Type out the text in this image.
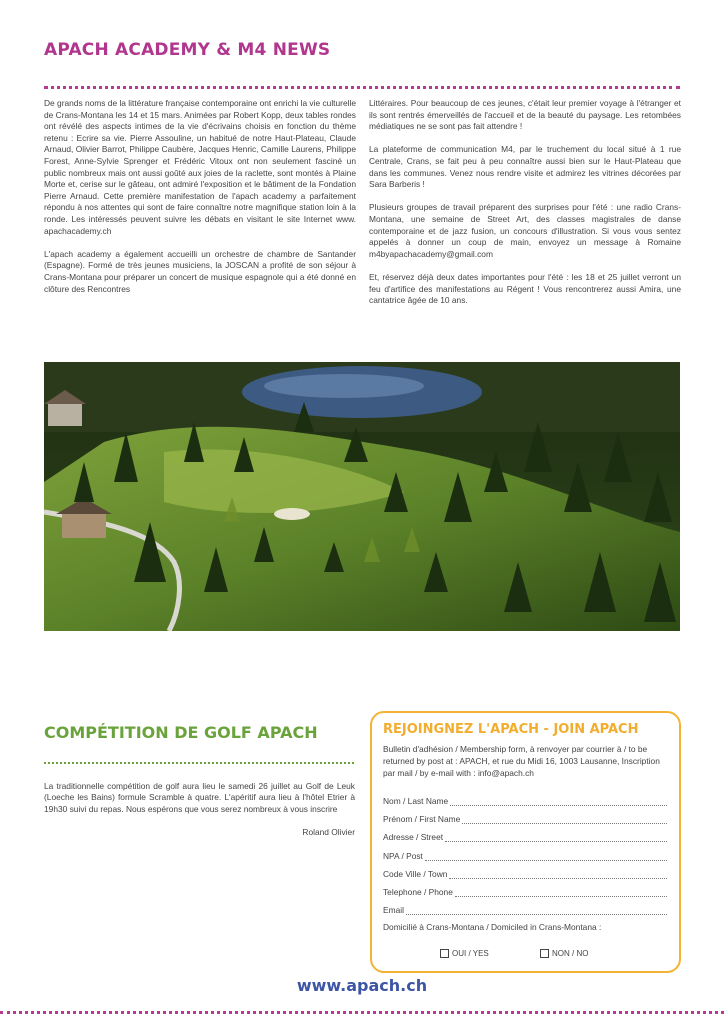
APACH ACADEMY & M4 NEWS

De grands noms de la littérature française contemporaine ont enrichi la vie culturelle de Crans-Montana les 14 et 15 mars. Animées par Robert Kopp, deux tables rondes ont révélé des aspects intimes de la vie d'écrivains choisis en fonction du thème retenu : Ecrire sa vie. Pierre Assouline, un habitué de notre Haut-Plateau, Claude Arnaud, Olivier Barrot, Philippe Caubère, Jacques Henric, Camille Laurens, Philippe Forest, Anne-Sylvie Sprenger et Frédéric Vitoux ont non seulement fasciné un public nombreux mais ont aussi goûté aux joies de la raclette, sont montés à Plaine Morte et, cerise sur le gâteau, ont admiré l'exposition et le bâtiment de la Fondation Pierre Arnaud. Cette première manifestation de l'apach academy a parfaitement répondu à nos attentes qui sont de faire connaître notre magnifique station loin à la ronde. Les intéressés peuvent suivre les débats en visitant le site Internet www. apachacademy.ch

L'apach academy a également accueilli un orchestre de chambre de Santander (Espagne). Formé de très jeunes musiciens, la JOSCAN a profité de son séjour à Crans-Montana pour préparer un concert de musique espagnole qui a été donné en clôture des Rencontres

Littéraires. Pour beaucoup de ces jeunes, c'était leur premier voyage à l'étranger et ils sont rentrés émerveillés de l'accueil et de la beauté du paysage. Les retombées médiatiques ne se sont pas fait attendre !

La plateforme de communication M4, par le truchement du local situé à 1 rue Centrale, Crans, se fait peu à peu connaître aussi bien sur le Haut-Plateau que dans les communes. Venez nous rendre visite et admirez les vitrines décorées par Sara Barberis !

Plusieurs groupes de travail préparent des surprises pour l'été : une radio Crans-Montana, une semaine de Street Art, des classes magistrales de danse contemporaine et de jazz fusion, un concours d'illustration. Si vous vous sentez appelés à donner un coup de main, envoyez un message à Romaine m4byapachacademy@gmail.com

Et, réservez déjà deux dates importantes pour l'été : les 18 et 25 juillet verront un feu d'artifice des manifestations au Régent ! Vous rencontrerez aussi Amira, une cantatrice âgée de 10 ans.

COMPÉTITION DE GOLF APACH
La traditionnelle compétition de golf aura lieu le samedi 26 juillet au Golf de Leuk (Loeche les Bains) formule Scramble à quatre. L'apéritif aura lieu à l'hôtel Etrier à 19h30 suivi du repas. Nous espérons que vous serez nombreux à vous inscrire
Roland Olivier
REJOINGNEZ L'APACH - JOIN APACH
Bulletin d'adhésion / Membership form, à renvoyer par courrier à / to be returned by post at : APACH, et rue du Midi 16, 1003 Lausanne, Inscription par mail / by e-mail with : info@apach.ch
Nom / Last Name
Prénom / First Name
Adresse / Street
NPA / Post
Code Ville / Town
Telephone / Phone
Email
Domicilié à Crans-Montana / Domiciled in Crans-Montana :
OUI / YES	NON / NO
www.apach.ch
